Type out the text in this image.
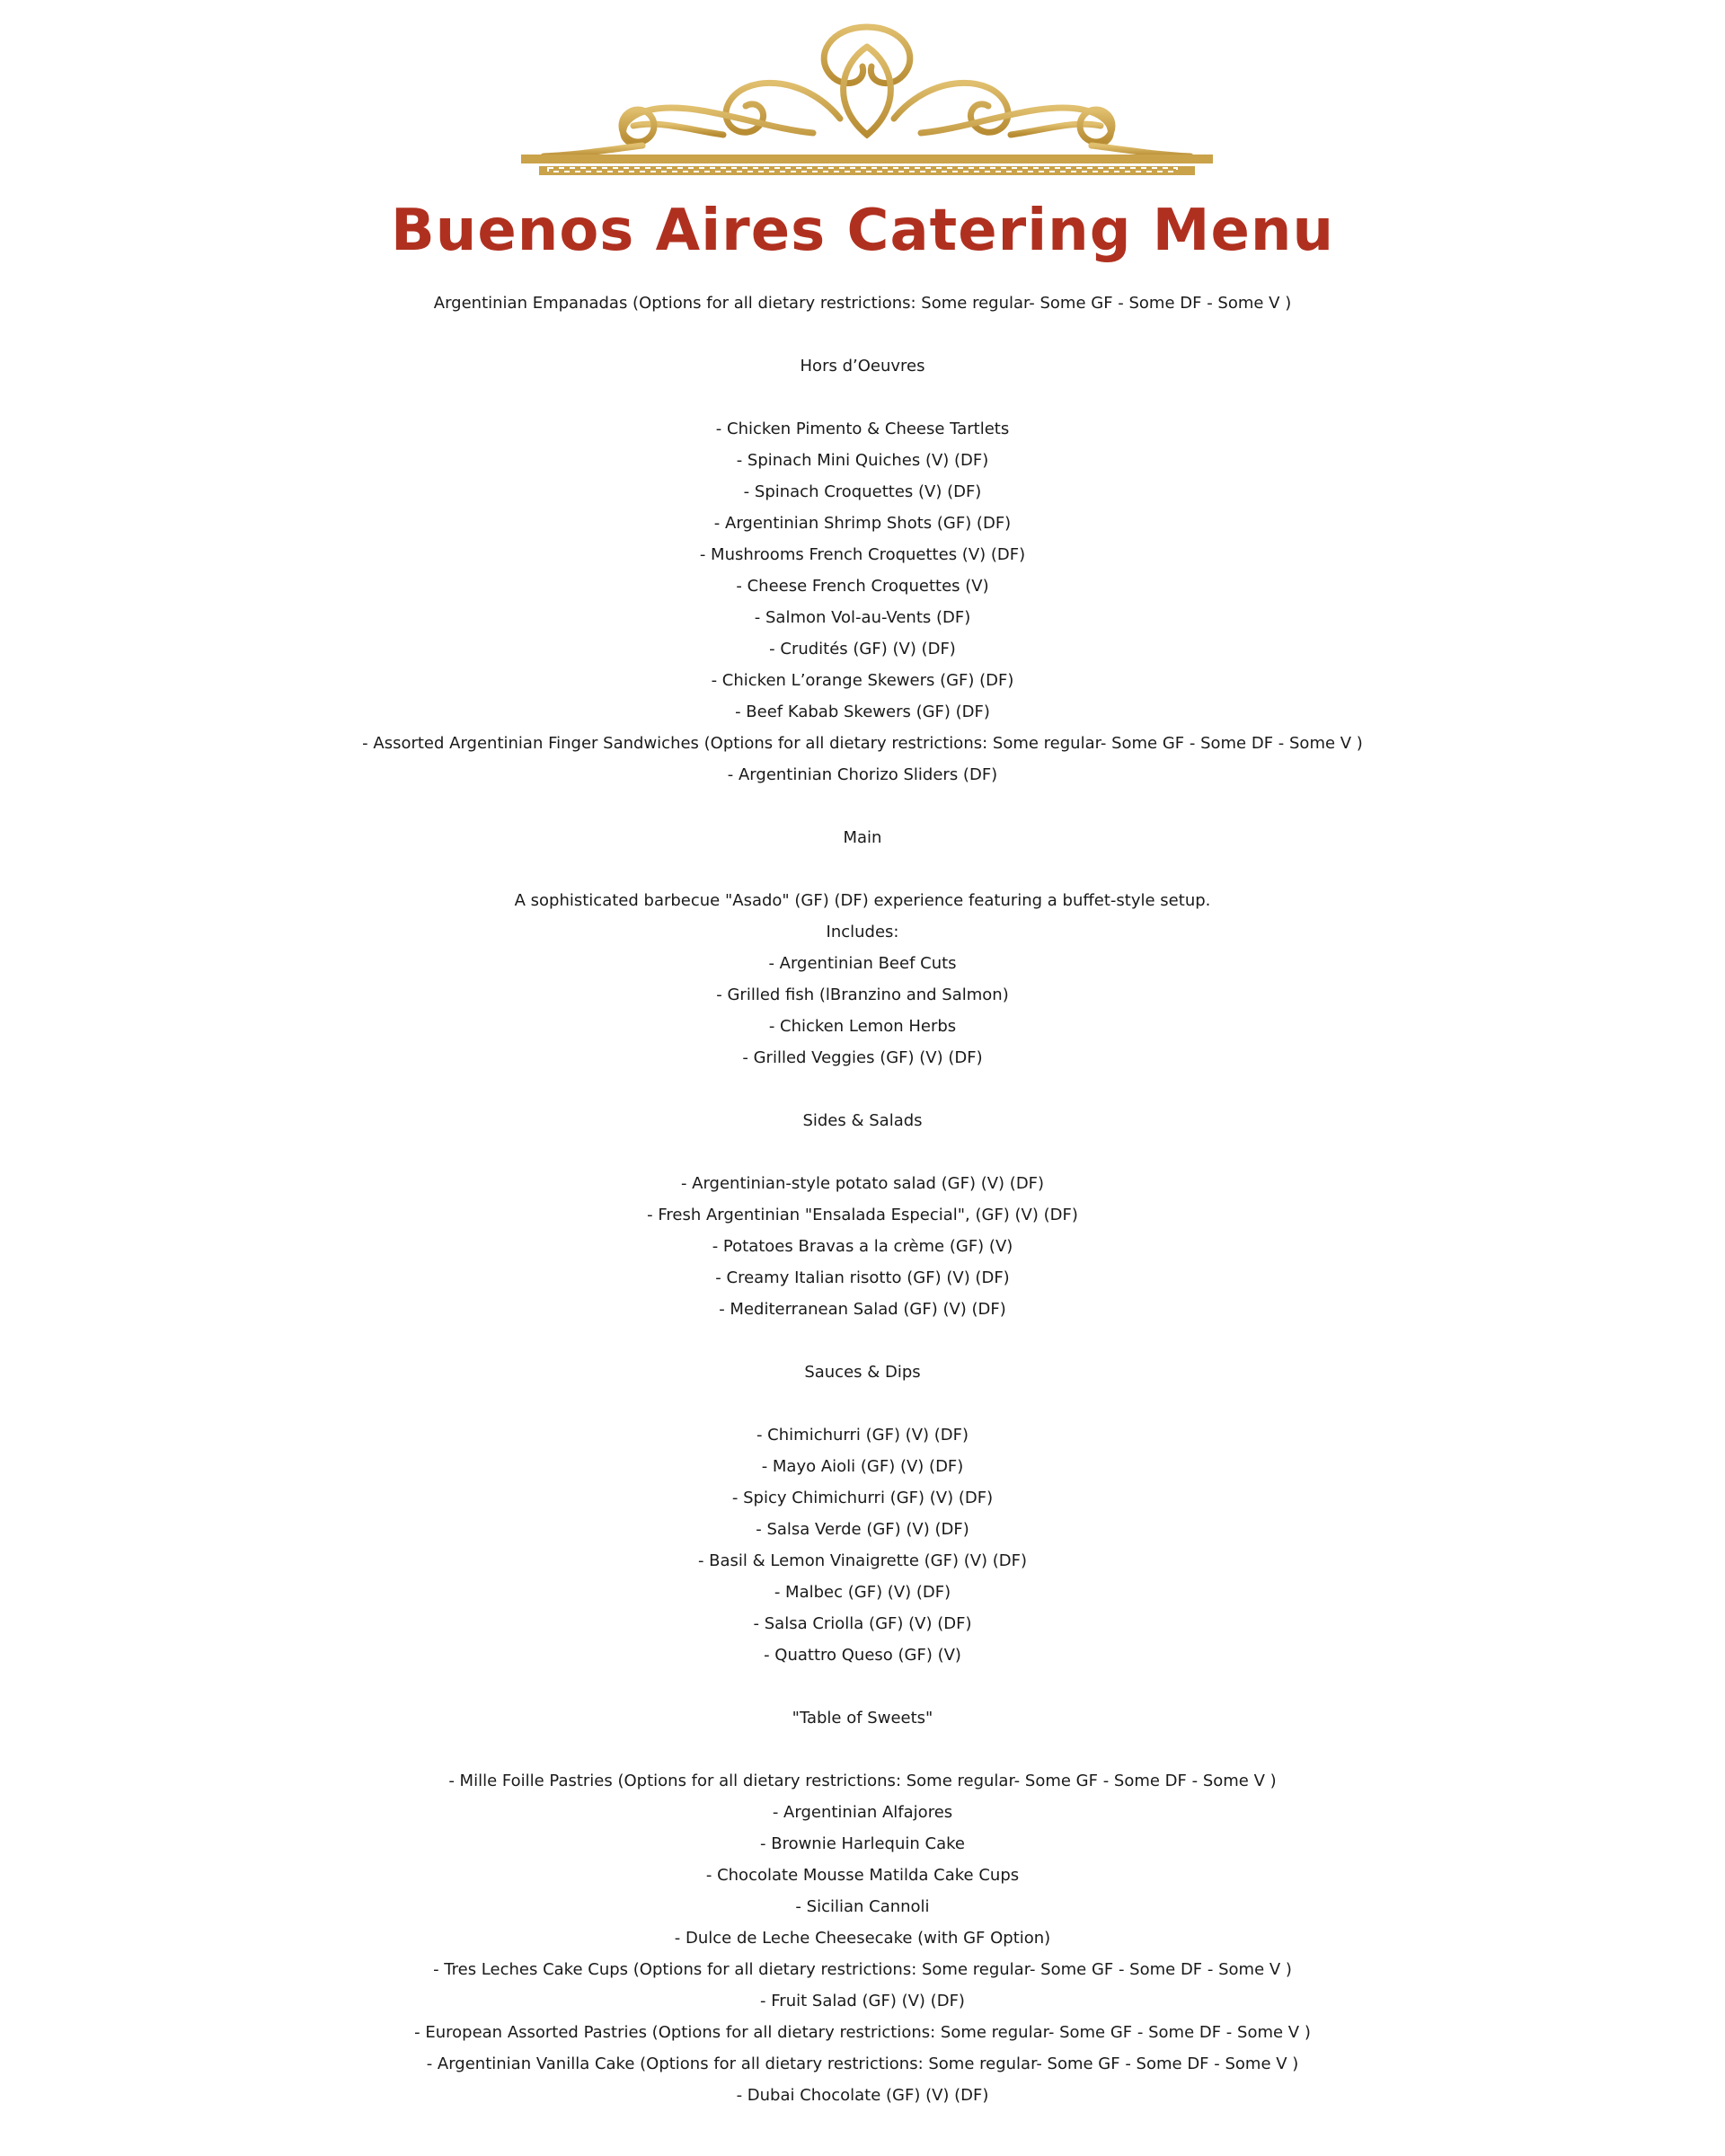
Buenos Aires Catering Menu
Argentinian Empanadas (Options for all dietary restrictions: Some regular- Some GF - Some DF - Some V )
Hors d’Oeuvres
- Chicken Pimento & Cheese Tartlets
- Spinach Mini Quiches (V) (DF)
- Spinach Croquettes (V) (DF)
- Argentinian Shrimp Shots (GF) (DF)
- Mushrooms French Croquettes (V) (DF)
- Cheese French Croquettes (V)
- Salmon Vol-au-Vents (DF)
- Crudités (GF) (V) (DF)
- Chicken L’orange Skewers (GF) (DF)
- Beef Kabab Skewers (GF) (DF)
- Assorted Argentinian Finger Sandwiches (Options for all dietary restrictions: Some regular- Some GF - Some DF - Some V )
- Argentinian Chorizo Sliders (DF)
Main
A sophisticated barbecue "Asado" (GF) (DF) experience featuring a buffet-style setup.
Includes:
- Argentinian Beef Cuts
- Grilled fish (lBranzino and Salmon)
- Chicken Lemon Herbs
- Grilled Veggies (GF) (V) (DF)
Sides & Salads
- Argentinian-style potato salad (GF) (V) (DF)
- Fresh Argentinian "Ensalada Especial", (GF) (V) (DF)
- Potatoes Bravas a la crème (GF) (V)
- Creamy Italian risotto (GF) (V) (DF)
- Mediterranean Salad (GF) (V) (DF)
Sauces & Dips
- Chimichurri (GF) (V) (DF)
- Mayo Aioli (GF) (V) (DF)
- Spicy Chimichurri (GF) (V) (DF)
- Salsa Verde (GF) (V) (DF)
- Basil & Lemon Vinaigrette (GF) (V) (DF)
- Malbec (GF) (V) (DF)
- Salsa Criolla (GF) (V) (DF)
- Quattro Queso (GF) (V)
"Table of Sweets"
- Mille Foille Pastries (Options for all dietary restrictions: Some regular- Some GF - Some DF - Some V )
- Argentinian Alfajores
- Brownie Harlequin Cake
- Chocolate Mousse Matilda Cake Cups
- Sicilian Cannoli
- Dulce de Leche Cheesecake (with GF Option)
- Tres Leches Cake Cups (Options for all dietary restrictions: Some regular- Some GF - Some DF - Some V )
- Fruit Salad (GF) (V) (DF)
- European Assorted Pastries (Options for all dietary restrictions: Some regular- Some GF - Some DF - Some V )
- Argentinian Vanilla Cake (Options for all dietary restrictions: Some regular- Some GF - Some DF - Some V )
- Dubai Chocolate (GF) (V) (DF)
